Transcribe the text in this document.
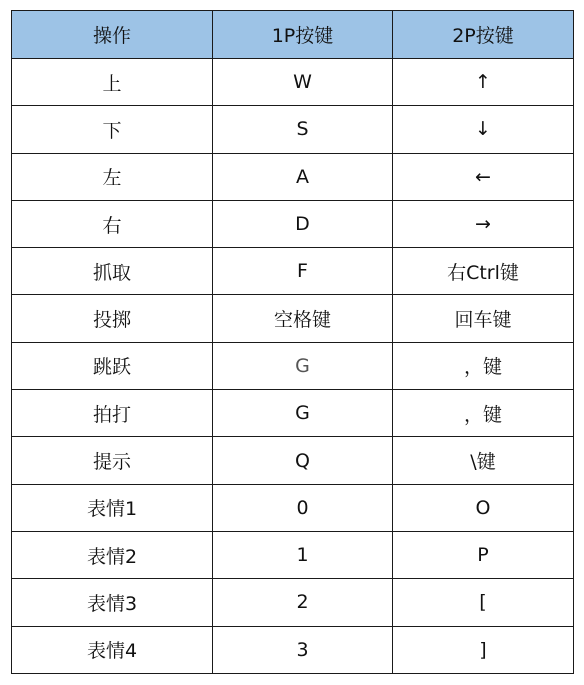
操作	1P按键	2P按键
上	W	↑
下	S	↓
左	A	←
右	D	→
抓取	F	右Ctrl键
投掷	空格键	回车键
跳跃	G	，键
拍打	G	，键
提示	Q	\键
表情1	0	O
表情2	1	P
表情3	2	[
表情4	3	]
